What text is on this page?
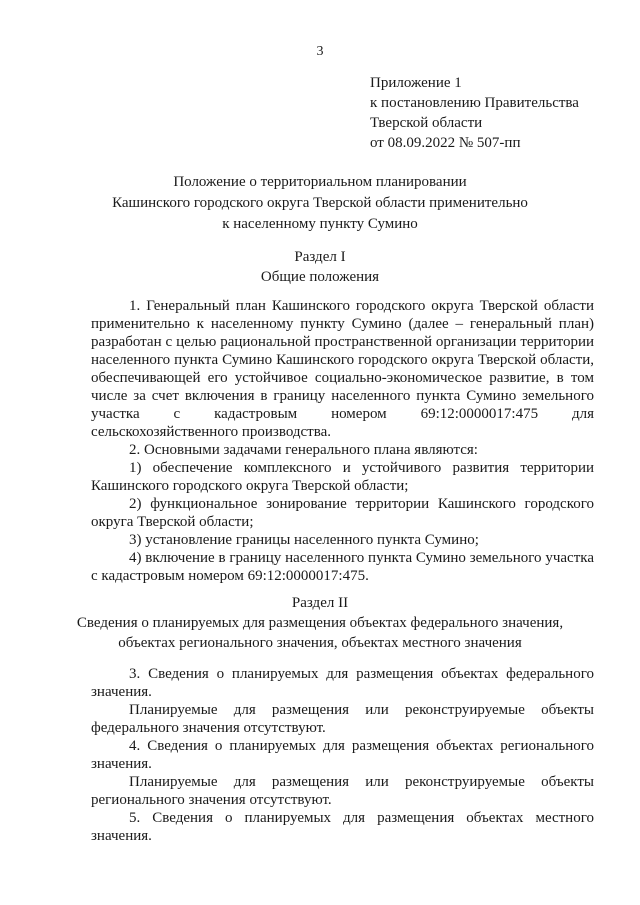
3
Приложение 1
к постановлению Правительства
Тверской области
от 08.09.2022 № 507-пп
Положение о территориальном планировании
Кашинского городского округа Тверской области применительно
к населенному пункту Сумино
Раздел I
Общие положения

1. Генеральный план Кашинского городского округа Тверской области применительно к населенному пункту Сумино (далее – генеральный план) разработан с целью рациональной пространственной организации территории населенного пункта Сумино Кашинского городского округа Тверской области, обеспечивающей его устойчивое социально-экономическое развитие, в том числе за счет включения в границу населенного пункта Сумино земельного участка с кадастровым номером 69:12:0000017:475 для сельскохозяйственного производства.

2. Основными задачами генерального плана являются:

1) обеспечение комплексного и устойчивого развития территории Кашинского городского округа Тверской области;

2) функциональное зонирование территории Кашинского городского округа Тверской области;

3) установление границы населенного пункта Сумино;

4) включение в границу населенного пункта Сумино земельного участка с кадастровым номером 69:12:0000017:475.

Раздел II
Сведения о планируемых для размещения объектах федерального значения,
объектах регионального значения, объектах местного значения

3. Сведения о планируемых для размещения объектах федерального значения.

Планируемые для размещения или реконструируемые объекты федерального значения отсутствуют.

4. Сведения о планируемых для размещения объектах регионального значения.

Планируемые для размещения или реконструируемые объекты регионального значения отсутствуют.

5. Сведения о планируемых для размещения объектах местного значения.
